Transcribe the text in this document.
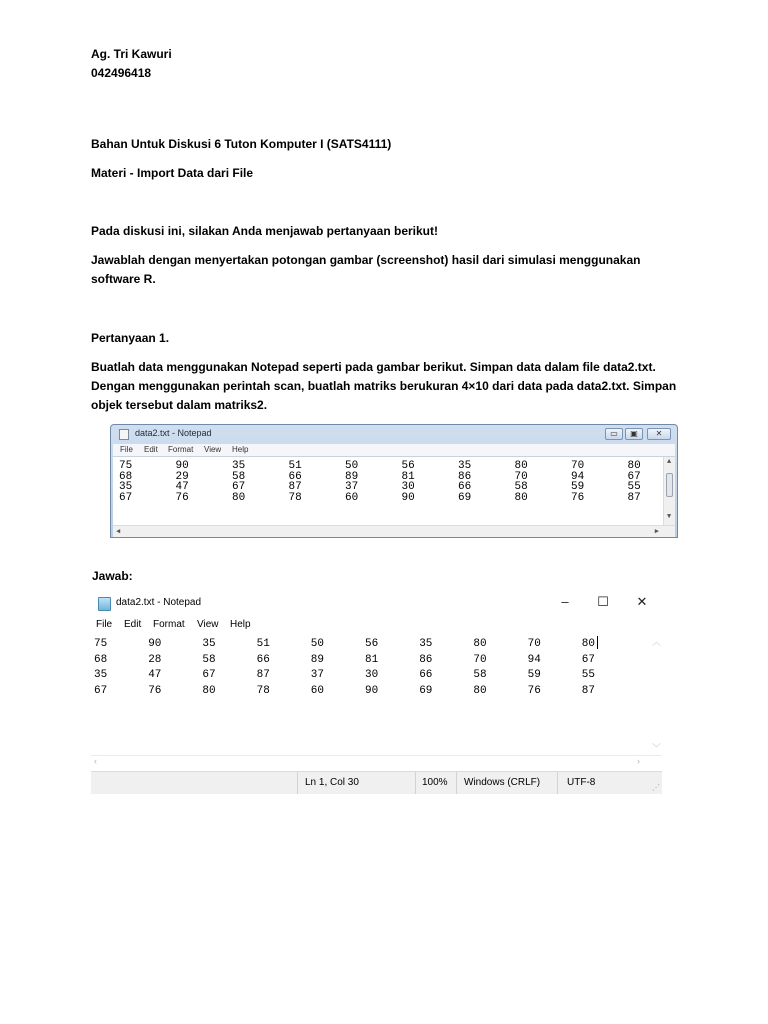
Ag. Tri Kawuri
042496418
Bahan Untuk Diskusi 6 Tuton Komputer I (SATS4111)
Materi - Import Data dari File
Pada diskusi ini, silakan Anda menjawab pertanyaan berikut!
Jawablah dengan menyertakan potongan gambar (screenshot) hasil dari simulasi menggunakan
software R.
Pertanyaan 1.
Buatlah data menggunakan Notepad seperti pada gambar berikut. Simpan data dalam file data2.txt.
Dengan menggunakan perintah scan, buatlah matriks berukuran 4×10 dari data pada data2.txt. Simpan
objek tersebut dalam matriks2.
data2.txt - Notepad	▭	▣	✕
File Edit Format View Help
▲
▼
◀	▶
75	90	35	51	50	56	35	80	70	80
68	29	58	66	89	81	86	70	94	67
35	47	67	87	37	30	66	58	59	55
67	76	80	78	60	90	69	80	76	87
Jawab:
data2.txt - Notepad	–	☐	✕
File Edit Format View Help
︿
﹀
75	90	35	51	50	56	35	80	70	80
68	28	58	66	89	81	86	70	94	67
35	47	67	87	37	30	66	58	59	55
67	76	80	78	60	90	69	80	76	87
‹	›
Ln 1, Col 30	100% Windows (CRLF)	UTF-8	⋰
